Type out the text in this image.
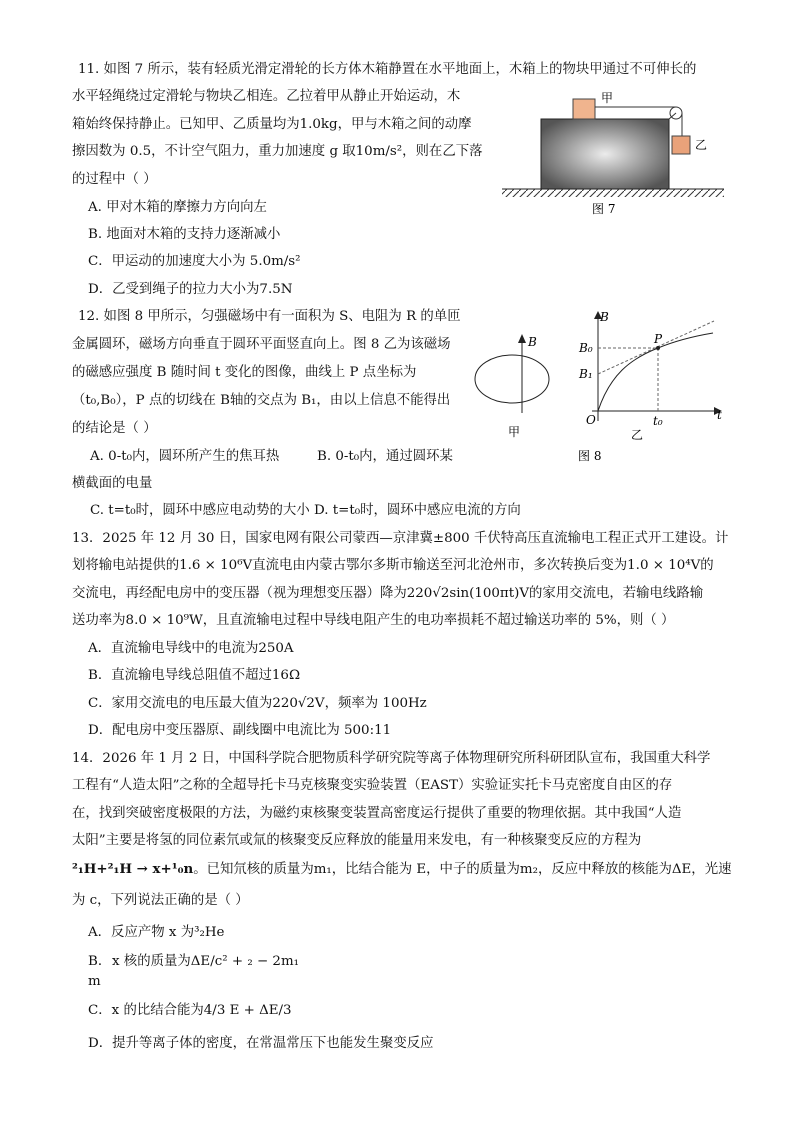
11. 如图 7 所示，装有轻质光滑定滑轮的长方体木箱静置在水平地面上，木箱上的物块甲通过不可伸长的
水平轻绳绕过定滑轮与物块乙相连。乙拉着甲从静止开始运动，木
箱始终保持静止。已知甲、乙质量均为1.0kg，甲与木箱之间的动摩
擦因数为 0.5，不计空气阻力，重力加速度 g 取10m/s²，则在乙下落
的过程中（ ）
A. 甲对木箱的摩擦力方向向左
B. 地面对木箱的支持力逐渐减小
C．甲运动的加速度大小为 5.0m/s²
D．乙受到绳子的拉力大小为7.5N
甲
乙
图 7
12. 如图 8 甲所示，匀强磁场中有一面积为 S、电阻为 R 的单匝
金属圆环，磁场方向垂直于圆环平面竖直向上。图 8 乙为该磁场
的磁感应强度 B 随时间 t 变化的图像，曲线上 P 点坐标为
（t₀,B₀），P 点的切线在 B轴的交点为 B₁，由以上信息不能得出
的结论是（ ）
A. 0-t₀内，圆环所产生的焦耳热	B. 0-t₀内，通过圆环某
横截面的电量
C. t=t₀时，圆环中感应电动势的大小 D. t=t₀时，圆环中感应电流的方向
B
甲
t
B
O
P
B₀
B₁
t₀
乙
图 8
13．2025 年 12 月 30 日，国家电网有限公司蒙西—京津冀±800 千伏特高压直流输电工程正式开工建设。计
划将输电站提供的1.6 × 10⁶V直流电由内蒙古鄂尔多斯市输送至河北沧州市，多次转换后变为1.0 × 10⁴V的
交流电，再经配电房中的变压器（视为理想变压器）降为220√2sin(100πt)V的家用交流电，若输电线路输
送功率为8.0 × 10⁹W，且直流输电过程中导线电阻产生的电功率损耗不超过输送功率的 5%，则（ ）
A．直流输电导线中的电流为250A
B．直流输电导线总阻值不超过16Ω
C．家用交流电的电压最大值为220√2V，频率为 100Hz
D．配电房中变压器原、副线圈中电流比为 500:11
14．2026 年 1 月 2 日，中国科学院合肥物质科学研究院等离子体物理研究所科研团队宣布，我国重大科学
工程有“人造太阳”之称的全超导托卡马克核聚变实验装置（EAST）实验证实托卡马克密度自由区的存
在，找到突破密度极限的方法，为磁约束核聚变装置高密度运行提供了重要的物理依据。其中我国“人造
太阳”主要是将氢的同位素氘或氚的核聚变反应释放的能量用来发电，有一种核聚变反应的方程为
²₁H+²₁H → x+¹₀n。已知氘核的质量为m₁，比结合能为 E，中子的质量为m₂，反应中释放的核能为ΔE，光速
为 c，下列说法正确的是（ ）
A．反应产物 x 为³₂He
B．
m
x 核的质量为ΔE/c² + ₂ − 2m₁
C．x 的比结合能为4/3 E + ΔE/3
D．提升等离子体的密度，在常温常压下也能发生聚变反应
